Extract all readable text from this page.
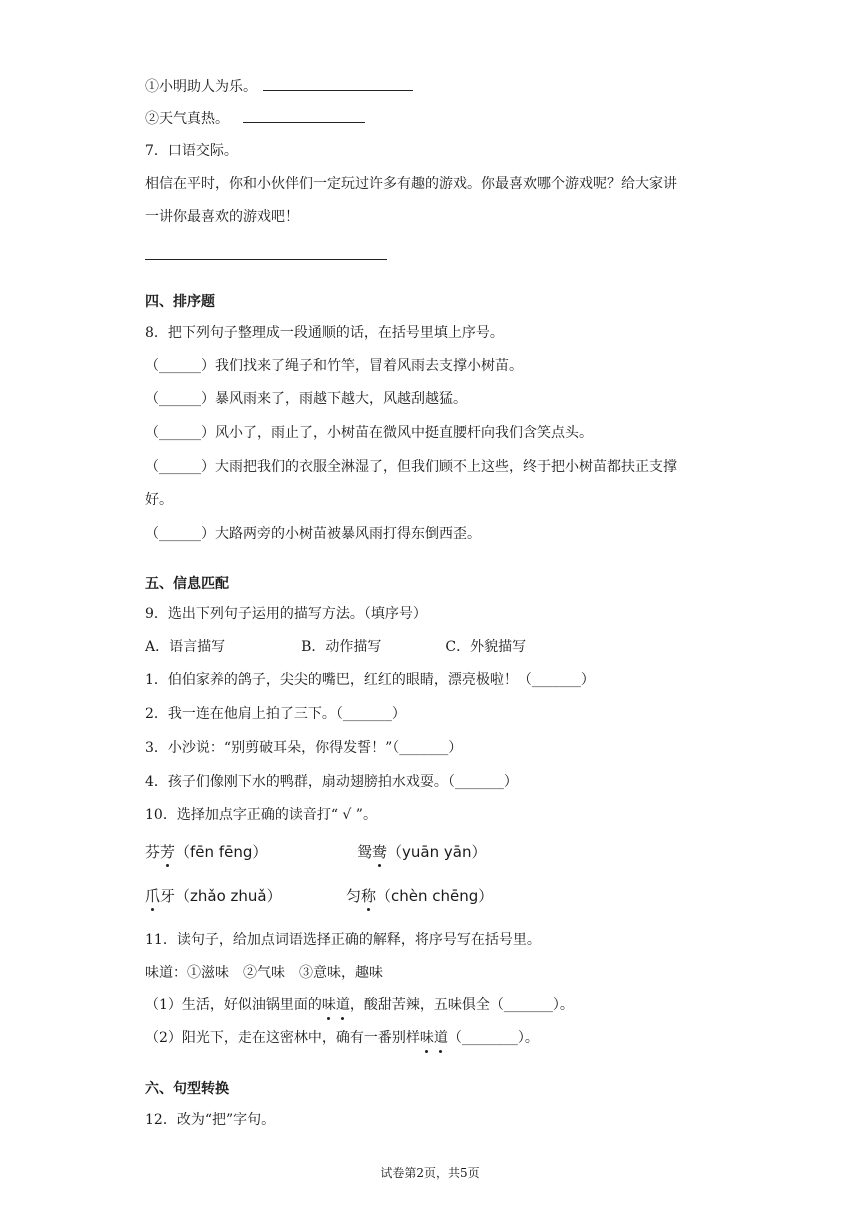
①小明助人为乐。
②天气真热。
7．口语交际。
相信在平时，你和小伙伴们一定玩过许多有趣的游戏。你最喜欢哪个游戏呢？给大家讲
一讲你最喜欢的游戏吧！
四、排序题
8．把下列句子整理成一段通顺的话，在括号里填上序号。
（______）我们找来了绳子和竹竿，冒着风雨去支撑小树苗。
（______）暴风雨来了，雨越下越大，风越刮越猛。
（______）风小了，雨止了，小树苗在微风中挺直腰杆向我们含笑点头。
（______）大雨把我们的衣服全淋湿了，但我们顾不上这些，终于把小树苗都扶正支撑
好。
（______）大路两旁的小树苗被暴风雨打得东倒西歪。
五、信息匹配
9．选出下列句子运用的描写方法。（填序号）
A．语言描写	B．动作描写	C．外貌描写
1．伯伯家养的鸽子，尖尖的嘴巴，红红的眼睛，漂亮极啦！（_______）
2．我一连在他肩上拍了三下。（_______）
3．小沙说：“别剪破耳朵，你得发誓！”（_______）
4．孩子们像刚下水的鸭群，扇动翅膀拍水戏耍。（_______）
10．选择加点字正确的读音打“ √ ”。
芬芳（fēn fēng）	鸳鸯（yuān yān）
爪牙（zhǎo zhuǎ）	匀称（chèn chēng）
11．读句子，给加点词语选择正确的解释，将序号写在括号里。
味道：①滋味　②气味　③意味，趣味
（1）生活，好似油锅里面的味道，酸甜苦辣，五味俱全（_______）。
（2）阳光下，走在这密林中，确有一番别样味道（________）。
六、句型转换
12．改为“把”字句。
试卷第2页，共5页
